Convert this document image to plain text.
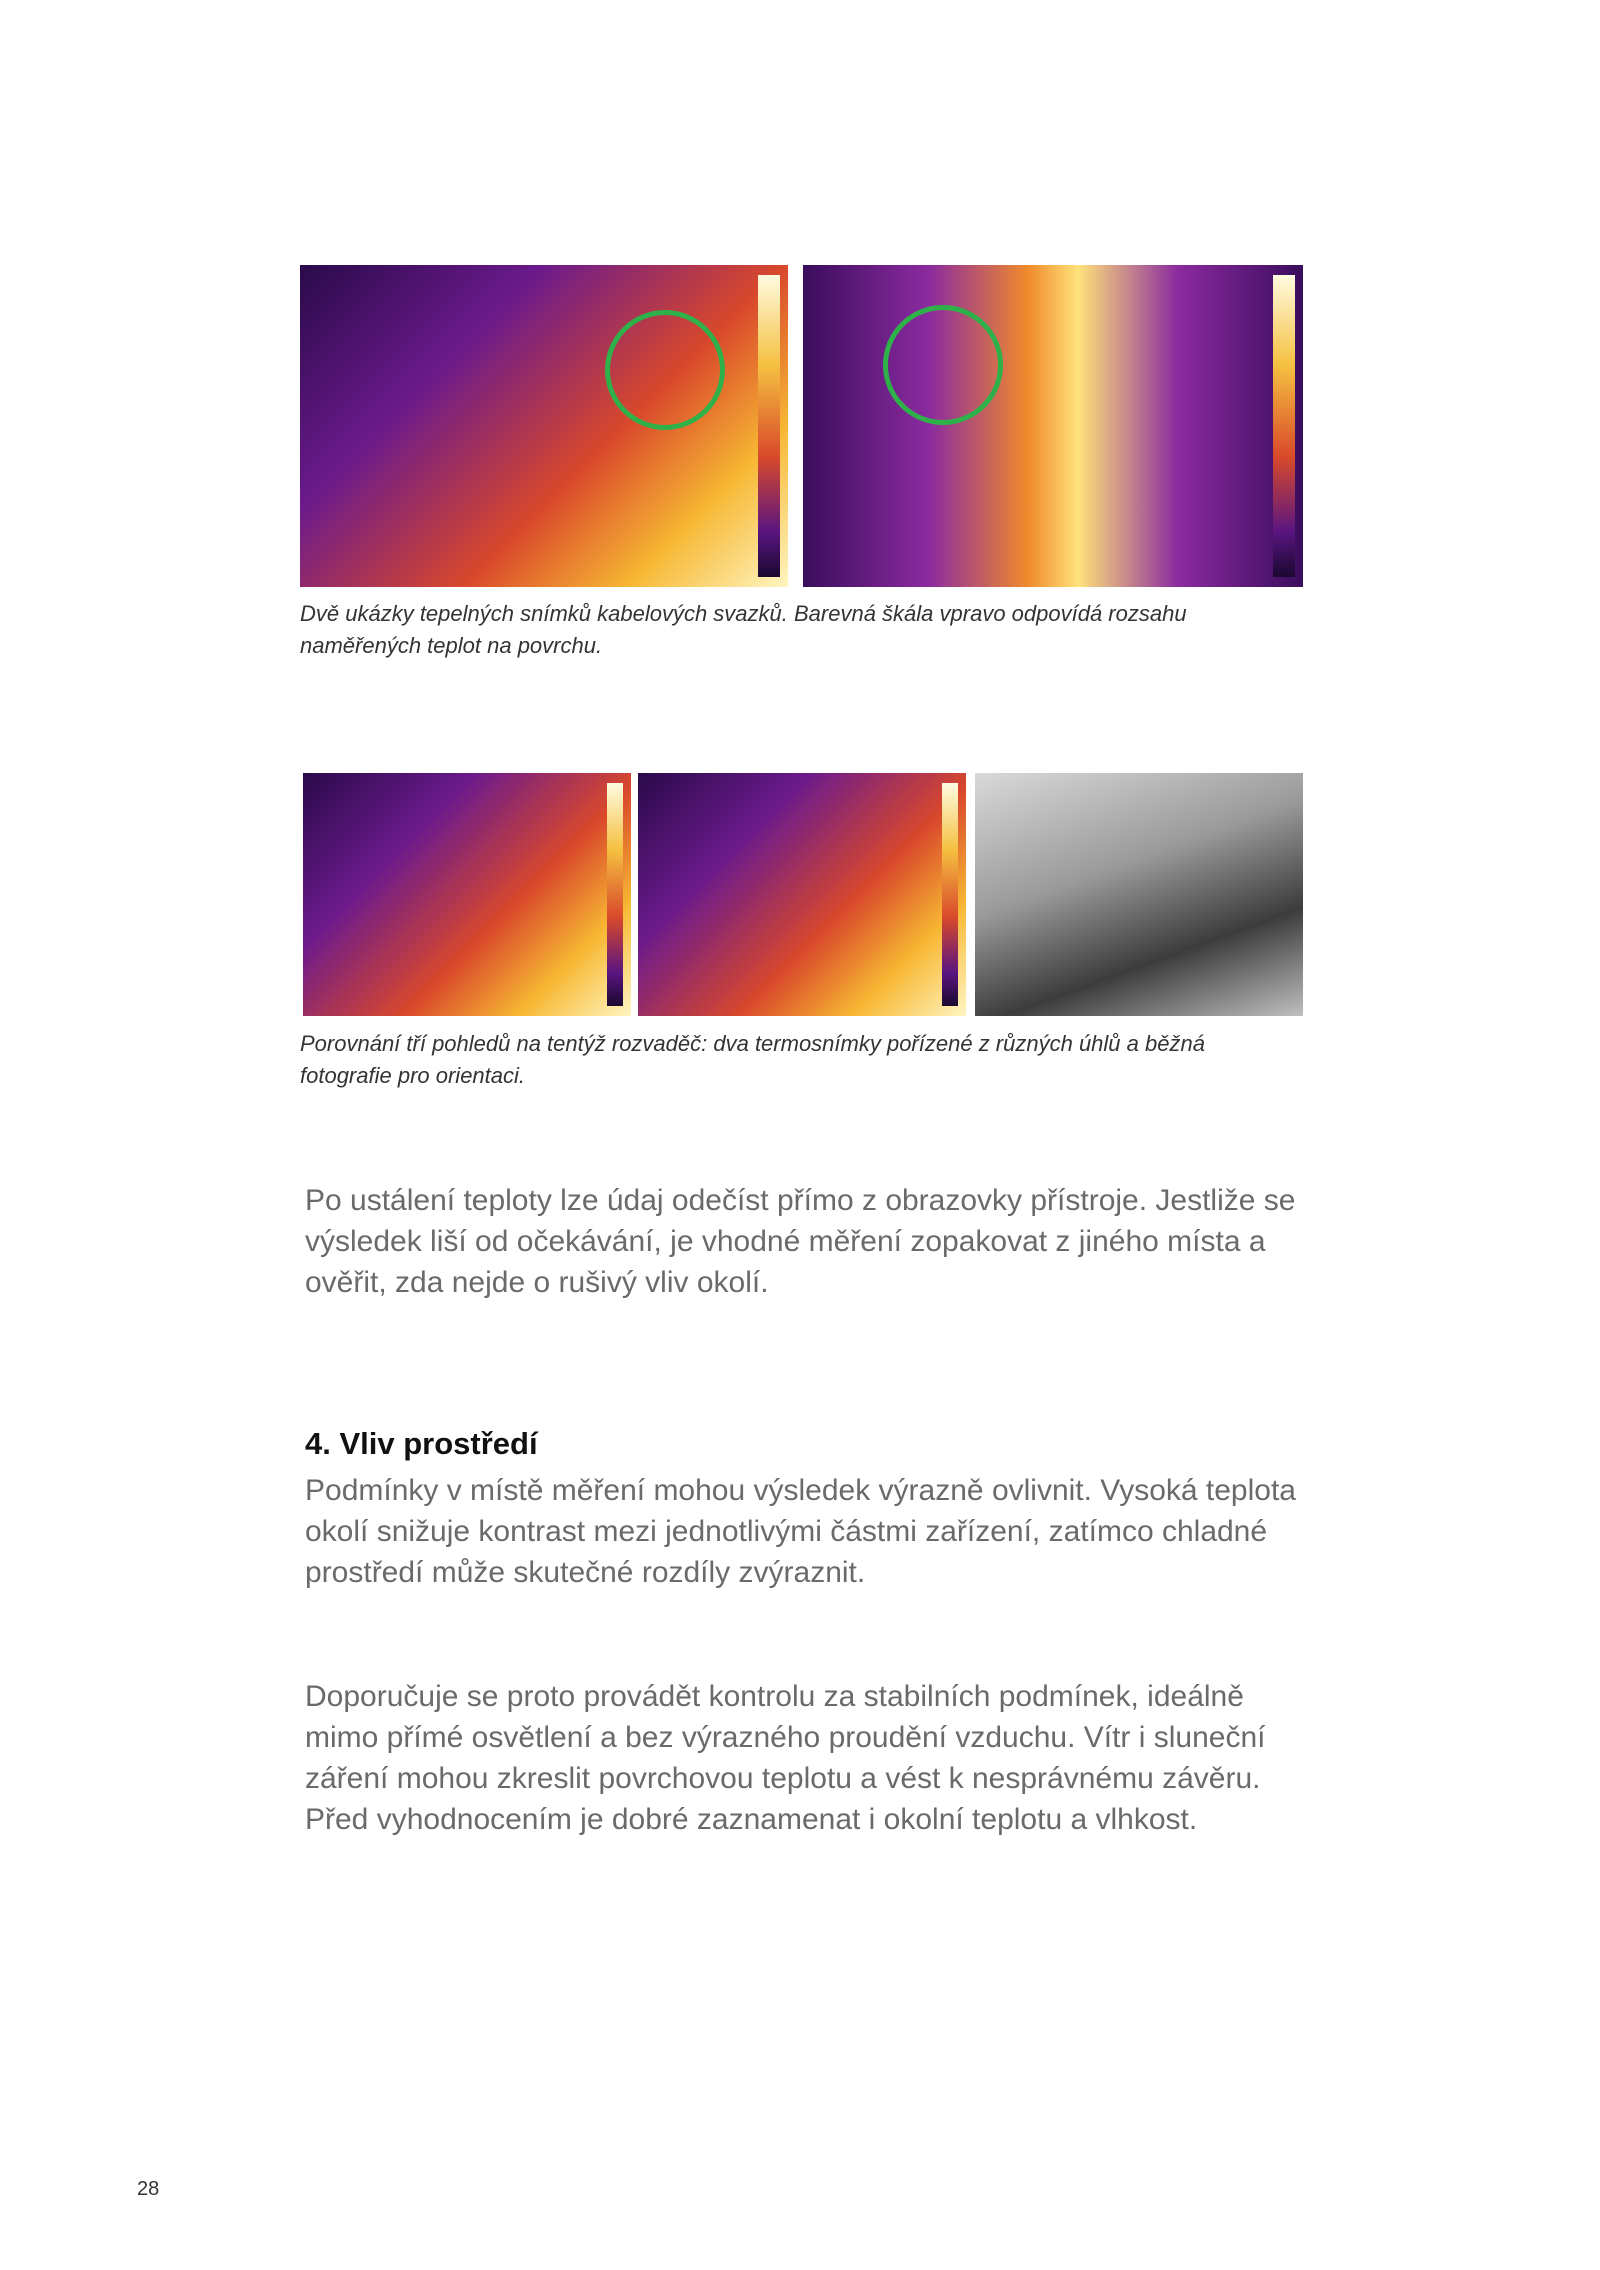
Dvě ukázky tepelných snímků kabelových svazků. Barevná škála vpravo odpovídá rozsahu naměřených teplot na povrchu.
Porovnání tří pohledů na tentýž rozvaděč: dva termosnímky pořízené z různých úhlů a běžná fotografie pro orientaci.
Po ustálení teploty lze údaj odečíst přímo z obrazovky přístroje. Jestliže se výsledek liší od očekávání, je vhodné měření zopakovat z jiného místa a ověřit, zda nejde o rušivý vliv okolí.
4. Vliv prostředí
Podmínky v místě měření mohou výsledek výrazně ovlivnit. Vysoká teplota okolí snižuje kontrast mezi jednotlivými částmi zařízení, zatímco chladné prostředí může skutečné rozdíly zvýraznit.
Doporučuje se proto provádět kontrolu za stabilních podmínek, ideálně mimo přímé osvětlení a bez výrazného proudění vzduchu. Vítr i sluneční záření mohou zkreslit povrchovou teplotu a vést k nesprávnému závěru. Před vyhodnocením je dobré zaznamenat i okolní teplotu a vlhkost.
28
